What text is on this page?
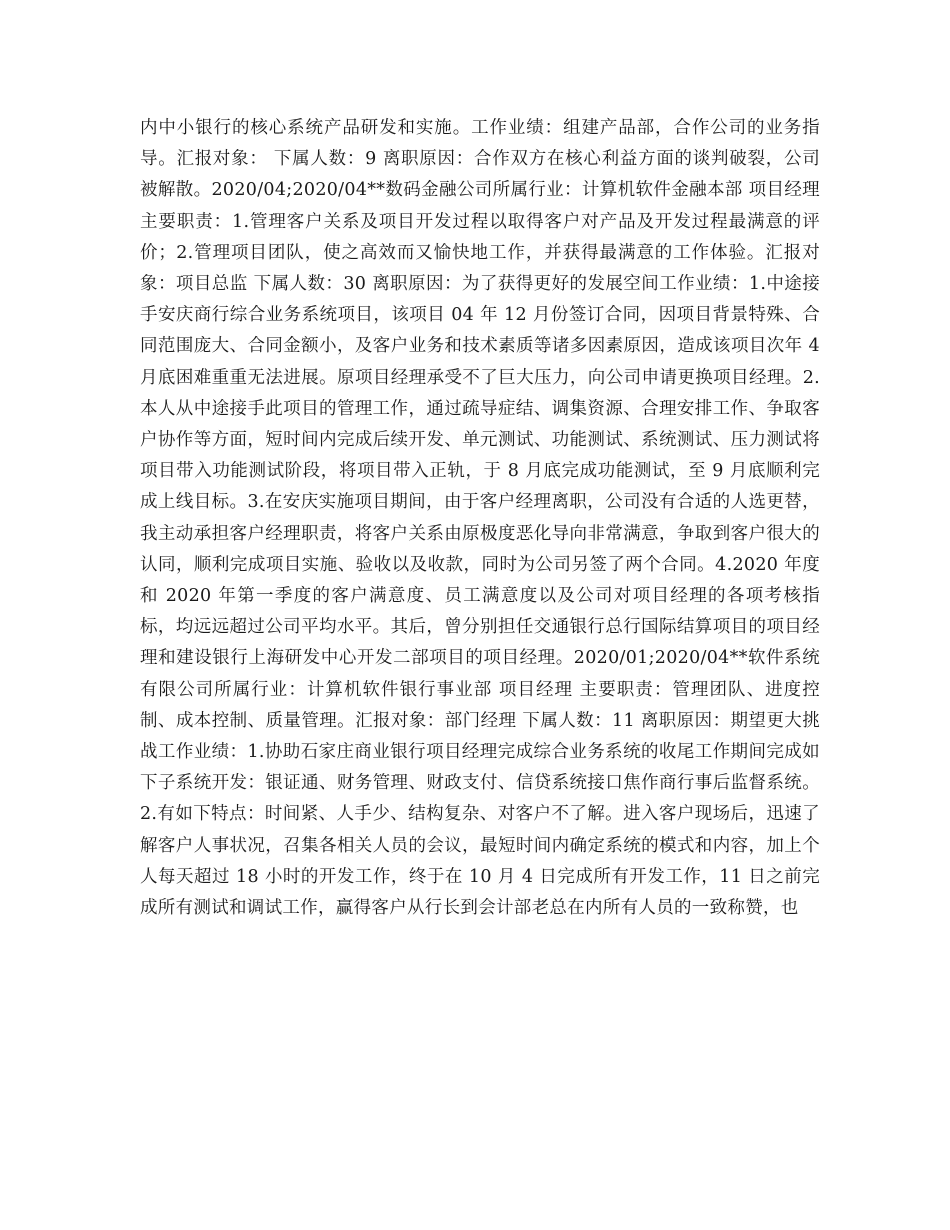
内中小银行的核心系统产品研发和实施。工作业绩：组建产品部，合作公司的业务指导。汇报对象： 下属人数：9 离职原因：合作双方在核心利益方面的谈判破裂，公司被解散。2020/04;2020/04**数码金融公司所属行业：计算机软件金融本部 项目经理 主要职责：1.管理客户关系及项目开发过程以取得客户对产品及开发过程最满意的评价；2.管理项目团队，使之高效而又愉快地工作，并获得最满意的工作体验。汇报对象：项目总监 下属人数：30 离职原因：为了获得更好的发展空间工作业绩：1.中途接手安庆商行综合业务系统项目，该项目 04 年 12 月份签订合同，因项目背景特殊、合同范围庞大、合同金额小，及客户业务和技术素质等诸多因素原因，造成该项目次年 4 月底困难重重无法进展。原项目经理承受不了巨大压力，向公司申请更换项目经理。2.本人从中途接手此项目的管理工作，通过疏导症结、调集资源、合理安排工作、争取客户协作等方面，短时间内完成后续开发、单元测试、功能测试、系统测试、压力测试将项目带入功能测试阶段，将项目带入正轨，于 8 月底完成功能测试，至 9 月底顺利完成上线目标。3.在安庆实施项目期间，由于客户经理离职，公司没有合适的人选更替，我主动承担客户经理职责，将客户关系由原极度恶化导向非常满意，争取到客户很大的认同，顺利完成项目实施、验收以及收款，同时为公司另签了两个合同。4.2020 年度和 2020 年第一季度的客户满意度、员工满意度以及公司对项目经理的各项考核指标，均远远超过公司平均水平。其后，曾分别担任交通银行总行国际结算项目的项目经理和建设银行上海研发中心开发二部项目的项目经理。2020/01;2020/04**软件系统有限公司所属行业：计算机软件银行事业部 项目经理 主要职责：管理团队、进度控制、成本控制、质量管理。汇报对象：部门经理 下属人数：11 离职原因：期望更大挑战工作业绩：1.协助石家庄商业银行项目经理完成综合业务系统的收尾工作期间完成如下子系统开发：银证通、财务管理、财政支付、信贷系统接口焦作商行事后监督系统。2.有如下特点：时间紧、人手少、结构复杂、对客户不了解。进入客户现场后，迅速了解客户人事状况，召集各相关人员的会议，最短时间内确定系统的模式和内容，加上个人每天超过 18 小时的开发工作，终于在 10 月 4 日完成所有开发工作，11 日之前完成所有测试和调试工作，赢得客户从行长到会计部老总在内所有人员的一致称赞，也
